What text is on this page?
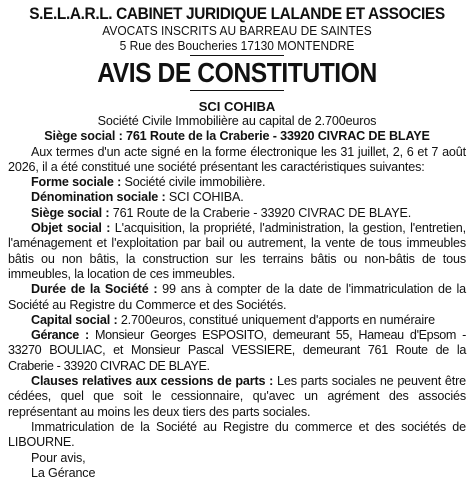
S.E.L.A.R.L. CABINET JURIDIQUE LALANDE ET ASSOCIES
AVOCATS INSCRITS AU BARREAU DE SAINTES
5 Rue des Boucheries 17130 MONTENDRE
AVIS DE CONSTITUTION
SCI COHIBA
Société Civile Immobilière au capital de 2.700euros
Siège social : 761 Route de la Craberie - 33920 CIVRAC DE BLAYE

Aux termes d'un acte signé en la forme électronique les 31 juillet, 2, 6 et 7 août 2026, il a été constitué une société présentant les caractéristiques suivantes:

Forme sociale : Société civile immobilière.

Dénomination sociale : SCI COHIBA.

Siège social : 761 Route de la Craberie - 33920 CIVRAC DE BLAYE.

Objet social : L'acquisition, la propriété, l'administration, la gestion, l'entretien, l'aménagement et l'exploitation par bail ou autrement, la vente de tous immeubles bâtis ou non bâtis, la construction sur les terrains bâtis ou non-bâtis de tous immeubles, la location de ces immeubles.

Durée de la Société : 99 ans à compter de la date de l'immatriculation de la Société au Registre du Commerce et des Sociétés.

Capital social : 2.700euros, constitué uniquement d'apports en numéraire

Gérance : Monsieur Georges ESPOSITO, demeurant 55, Hameau d'Epsom - 33270 BOULIAC, et Monsieur Pascal VESSIERE, demeurant 761 Route de la Craberie - 33920 CIVRAC DE BLAYE.

Clauses relatives aux cessions de parts : Les parts sociales ne peuvent être cédées, quel que soit le cessionnaire, qu'avec un agrément des associés représentant au moins les deux tiers des parts sociales.

Immatriculation de la Société au Registre du commerce et des sociétés de LIBOURNE.

Pour avis,

La Gérance
